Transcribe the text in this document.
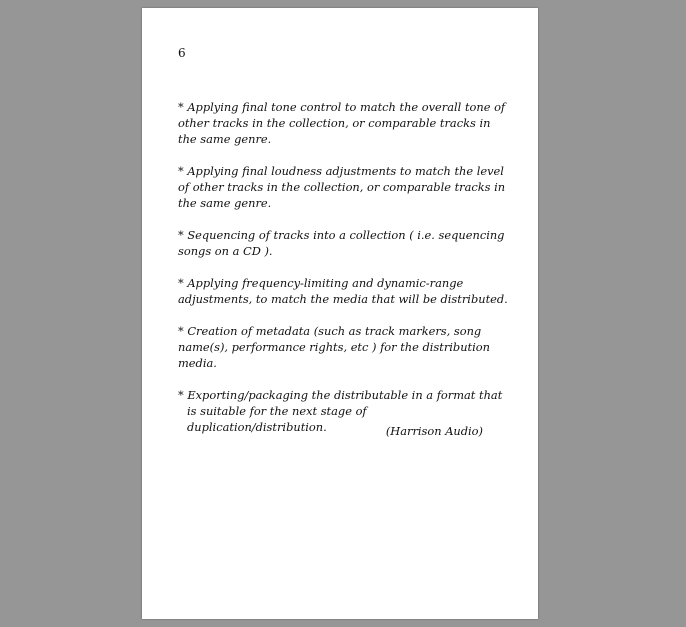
6

* Applying final tone control to match the overall tone of other tracks in the collection, or comparable tracks in the same genre.

* Applying final loudness adjustments to match the level of other tracks in the collection, or comparable tracks in the same genre.

* Sequencing of tracks into a collection ( i.e. sequencing songs on a CD ).

* Applying frequency-limiting and dynamic-range adjustments, to match the media that will be distributed.

* Creation of metadata (such as track markers, song name(s), performance rights, etc ) for the distribution media.

* Exporting/packaging the distributable in a format that is suitable for the next stage of duplication/distribution.	(Harrison Audio)
